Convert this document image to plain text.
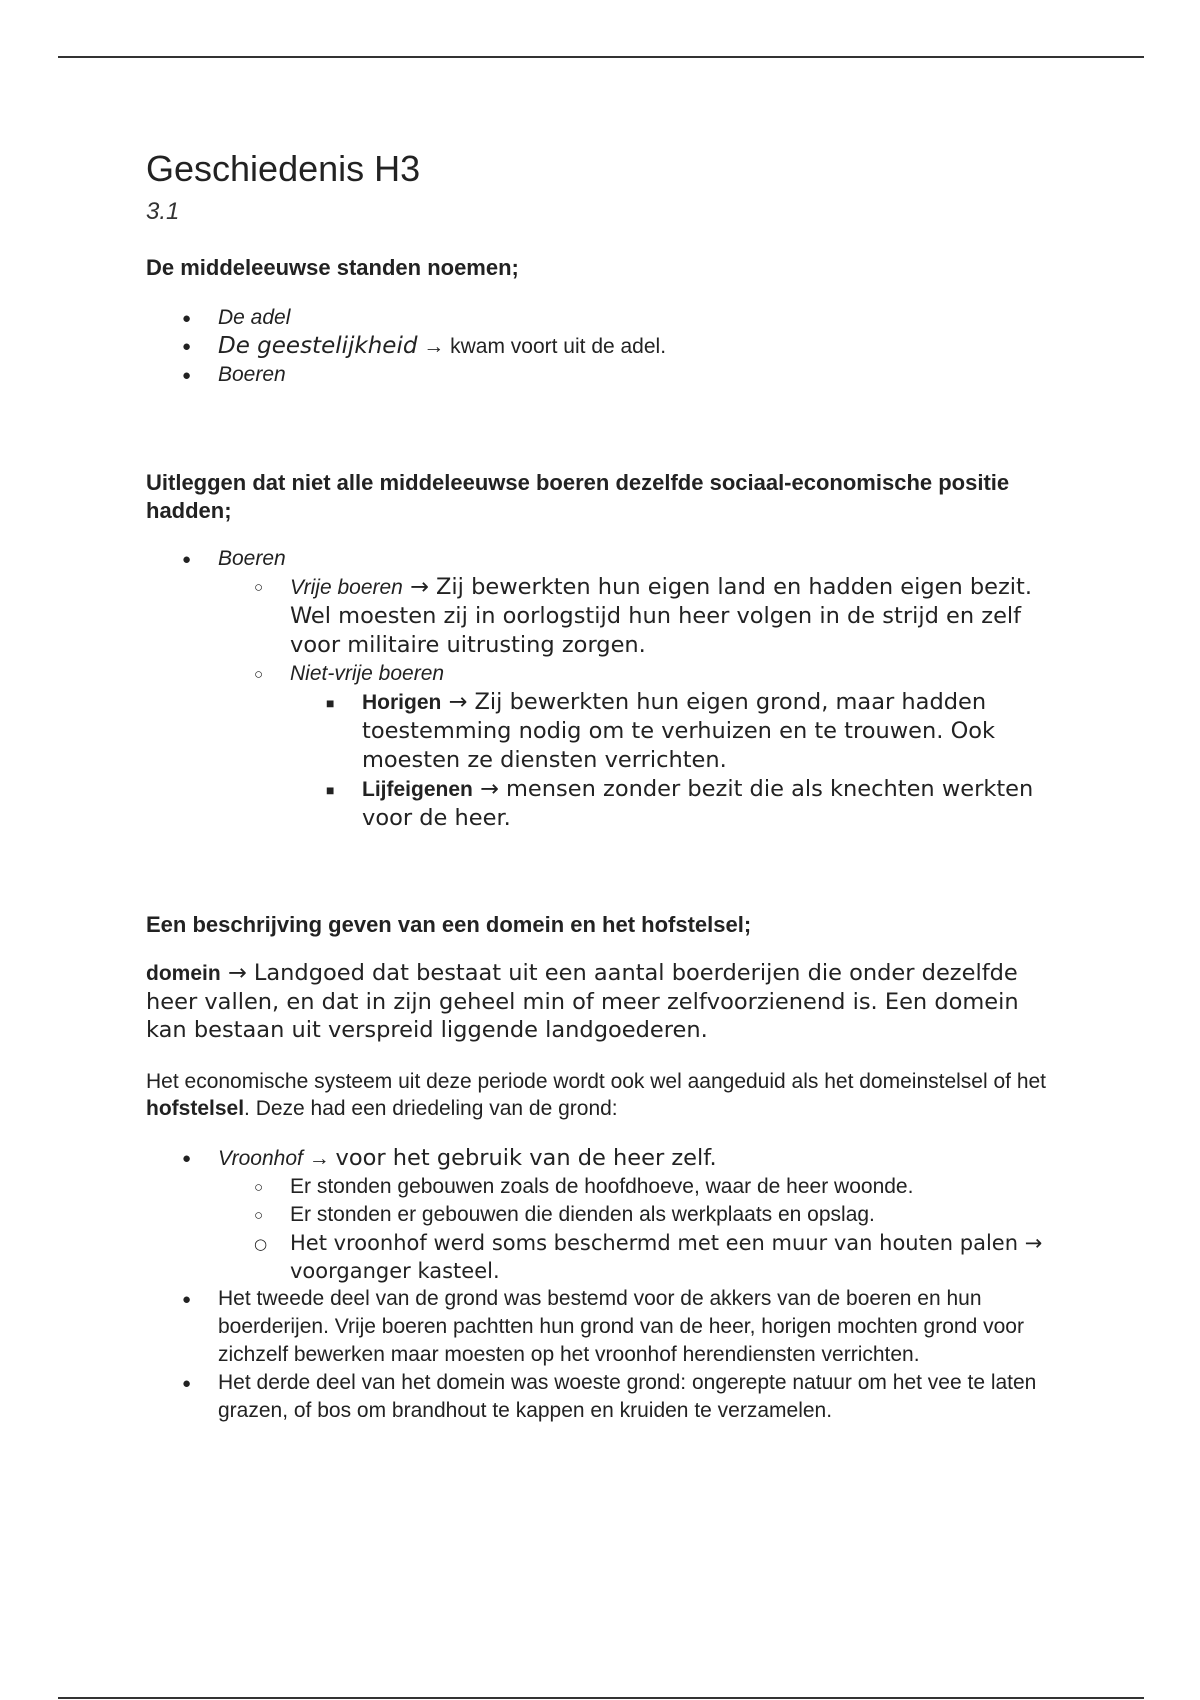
Geschiedenis H3
3.1
De middeleeuwse standen noemen;
● De adel
● De geestelijkheid → kwam voort uit de adel.
● Boeren
Uitleggen dat niet alle middeleeuwse boeren dezelfde sociaal-economische positie hadden;
● Boeren
○ Vrije boeren → Zij bewerkten hun eigen land en hadden eigen bezit. Wel moesten zij in oorlogstijd hun heer volgen in de strijd en zelf voor militaire uitrusting zorgen.
○ Niet-vrije boeren
■ Horigen → Zij bewerkten hun eigen grond, maar hadden toestemming nodig om te verhuizen en te trouwen. Ook moesten ze diensten verrichten.
■ Lijfeigenen → mensen zonder bezit die als knechten werkten voor de heer.
Een beschrijving geven van een domein en het hofstelsel;

domein → Landgoed dat bestaat uit een aantal boerderijen die onder dezelfde heer vallen, en dat in zijn geheel min of meer zelfvoorzienend is. Een domein kan bestaan uit verspreid liggende landgoederen.

Het economische systeem uit deze periode wordt ook wel aangeduid als het domeinstelsel of het hofstelsel. Deze had een driedeling van de grond:

● Vroonhof → voor het gebruik van de heer zelf.
○ Er stonden gebouwen zoals de hoofdhoeve, waar de heer woonde.
○ Er stonden er gebouwen die dienden als werkplaats en opslag.
○ Het vroonhof werd soms beschermd met een muur van houten palen → voorganger kasteel.
● Het tweede deel van de grond was bestemd voor de akkers van de boeren en hun boerderijen. Vrije boeren pachtten hun grond van de heer, horigen mochten grond voor zichzelf bewerken maar moesten op het vroonhof herendiensten verrichten.
● Het derde deel van het domein was woeste grond: ongerepte natuur om het vee te laten grazen, of bos om brandhout te kappen en kruiden te verzamelen.
